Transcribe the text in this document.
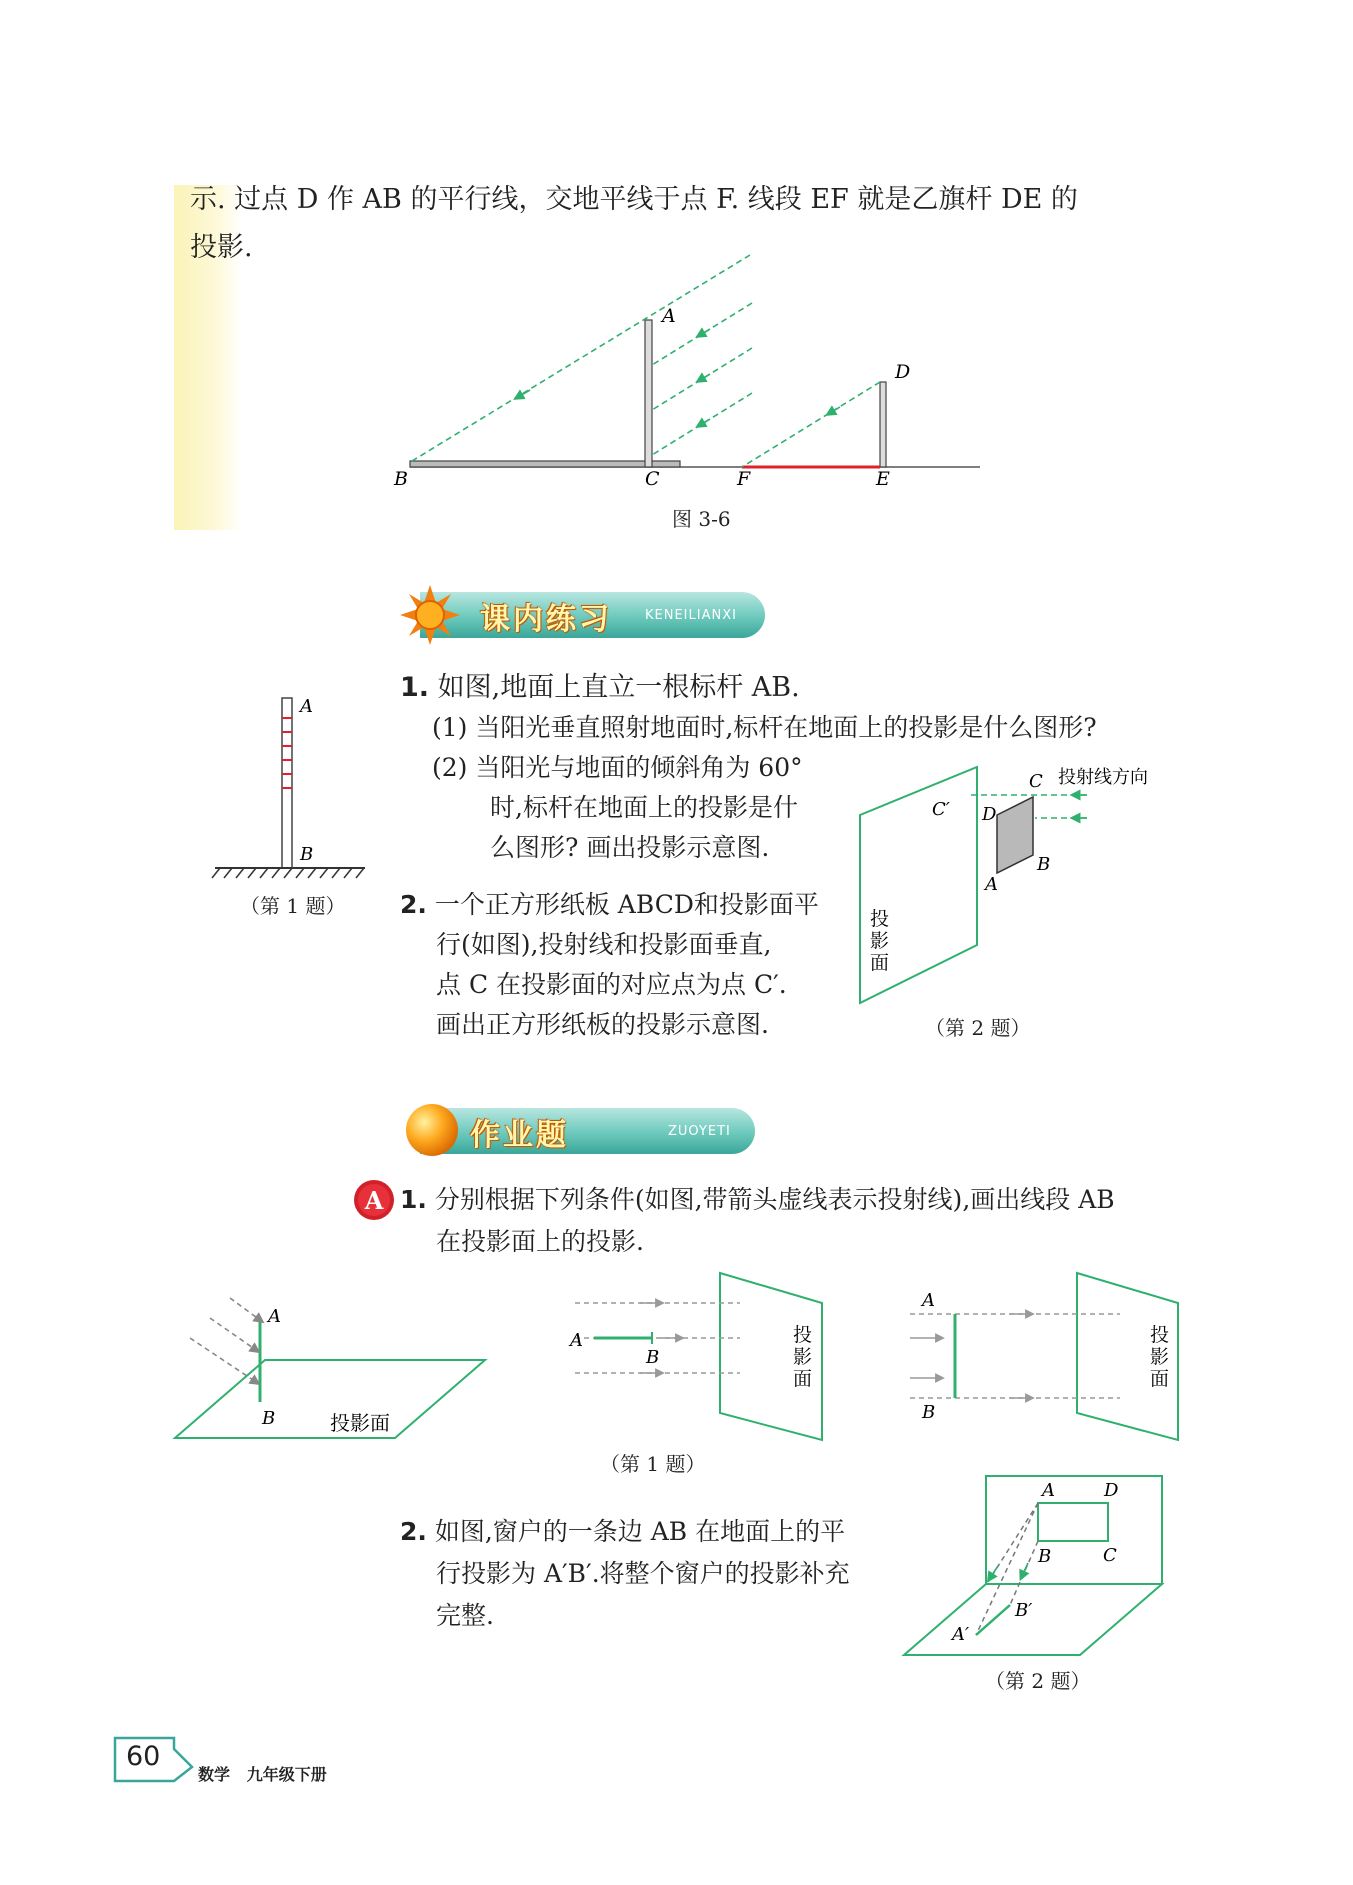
示. 过点 D 作 AB 的平行线，交地平线于点 F. 线段 EF 就是乙旗杆 DE 的
投影.
A
B	C	F	E
D
图 3-6
课内练习	KENEILIANXI
A
B
（第 1 题）
1. 如图,地面上直立一根标杆 AB.
(1) 当阳光垂直照射地面时,标杆在地面上的投影是什么图形?
(2) 当阳光与地面的倾斜角为 60°
时,标杆在地面上的投影是什
么图形? 画出投影示意图.
2. 一个正方形纸板 ABCD和投影面平
行(如图),投射线和投影面垂直,
点 C 在投影面的对应点为点 C′.
画出正方形纸板的投影示意图.
C
D
B
A
C′
投射线方向
投
影
面
（第 2 题）
作业题	ZUOYETI
A 1. 分别根据下列条件(如图,带箭头虚线表示投射线),画出线段 AB
在投影面上的投影.
A
B	投影面
A
B
投
影
面
（第 1 题）
A
B
投
影
面
2. 如图,窗户的一条边 AB 在地面上的平
行投影为 A′B′.将整个窗户的投影补充
完整.
A	D
B	C
B′
A′
（第 2 题）
60
数学   九年级下册
